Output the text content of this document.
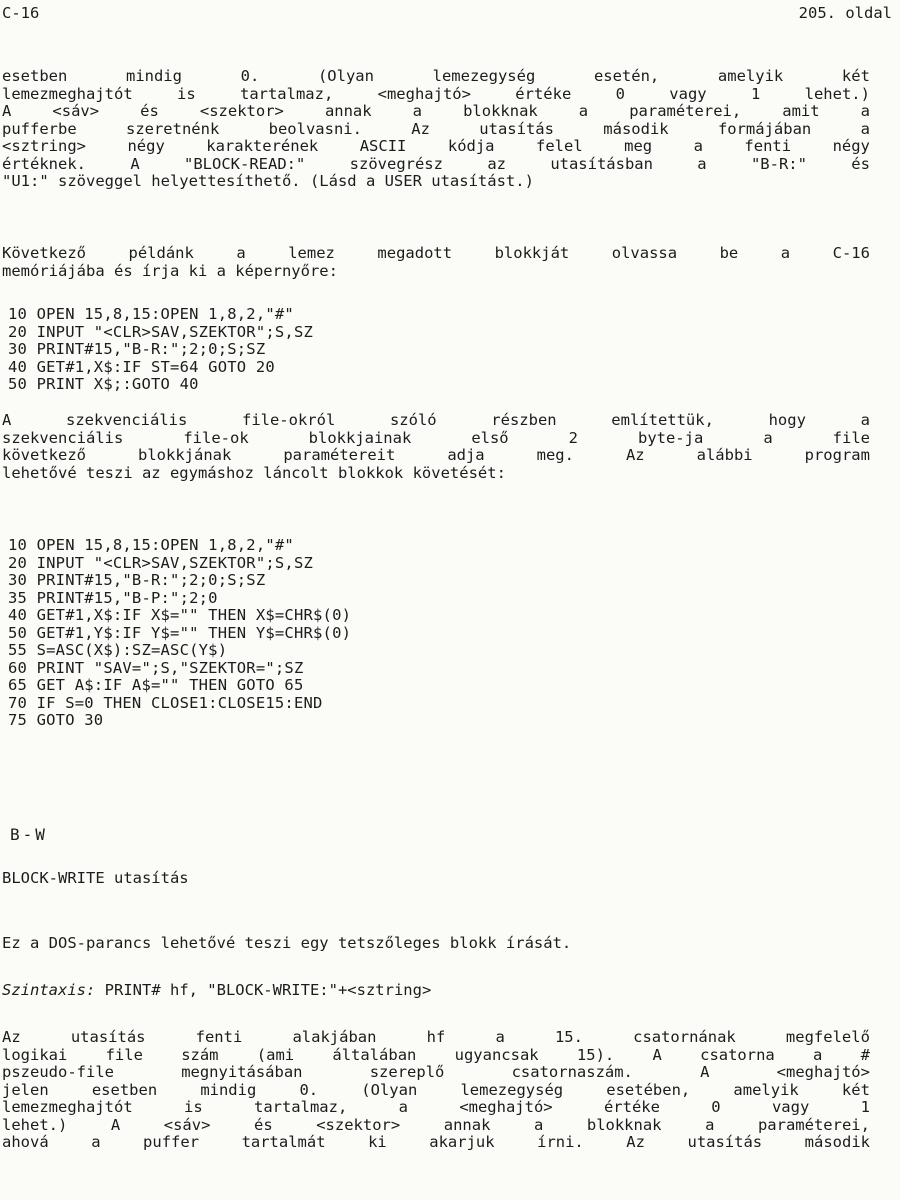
C-16	205. oldal
esetben	mindig	0.	(Olyan	lemezegység	esetén,	amelyik	két
lemezmeghajtót	is	tartalmaz,	<meghajtó>	értéke	0	vagy	1	lehet.)
A	<sáv>	és	<szektor>	annak	a	blokknak	a	paraméterei,	amit	a
pufferbe	szeretnénk	beolvasni.	Az	utasítás	második	formájában	a
<sztring>	négy	karakterének	ASCII	kódja	felel	meg	a	fenti	négy
értéknek.	A	"BLOCK-READ:"	szövegrész	az	utasításban	a	"B-R:"	és
"U1:" szöveggel helyettesíthető. (Lásd a USER utasítást.)
Következő	példánk	a	lemez	megadott	blokkját	olvassa	be	a	C-16
memóriájába és írja ki a képernyőre:
10 OPEN 15,8,15:OPEN 1,8,2,"#"
20 INPUT "<CLR>SAV,SZEKTOR";S,SZ
30 PRINT#15,"B-R:";2;0;S;SZ
40 GET#1,X$:IF ST=64 GOTO 20
50 PRINT X$;:GOTO 40
A	szekvenciális	file-okról	szóló	részben	említettük,	hogy	a
szekvenciális	file-ok	blokkjainak	első	2	byte-ja	a	file
következő	blokkjának	paramétereit	adja	meg.	Az	alábbi	program
lehetővé teszi az egymáshoz láncolt blokkok követését:
10 OPEN 15,8,15:OPEN 1,8,2,"#"
20 INPUT "<CLR>SAV,SZEKTOR";S,SZ
30 PRINT#15,"B-R:";2;0;S;SZ
35 PRINT#15,"B-P:";2;0
40 GET#1,X$:IF X$="" THEN X$=CHR$(0)
50 GET#1,Y$:IF Y$="" THEN Y$=CHR$(0)
55 S=ASC(X$):SZ=ASC(Y$)
60 PRINT "SAV=";S,"SZEKTOR=";SZ
65 GET A$:IF A$="" THEN GOTO 65
70 IF S=0 THEN CLOSE1:CLOSE15:END
75 GOTO 30
B-W
BLOCK-WRITE utasítás
Ez a DOS-parancs lehetővé teszi egy tetszőleges blokk írását.
Szintaxis: PRINT# hf, "BLOCK-WRITE:"+<sztring>
Az	utasítás	fenti	alakjában	hf	a	15.	csatornának	megfelelő
logikai file szám (ami általában ugyancsak 15). A csatorna a #
pszeudo-file	megnyitásában	szereplő	csatornaszám.	A	<meghajtó>
jelen	esetben	mindig	0.	(Olyan	lemezegység	esetében,	amelyik	két
lemezmeghajtót	is	tartalmaz,	a	<meghajtó>	értéke	0	vagy	1
lehet.)	A	<sáv>	és	<szektor>	annak	a	blokknak	a	paraméterei,
ahová	a	puffer	tartalmát	ki	akarjuk	írni.	Az	utasítás	második
